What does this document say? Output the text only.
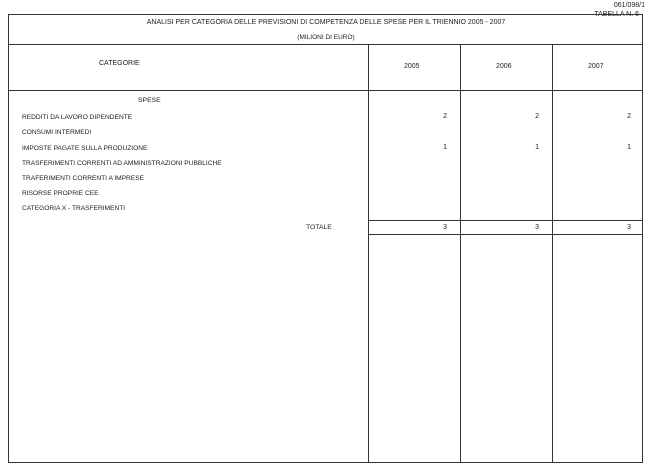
061/098/1
TABELLA N. 6
ANALISI PER CATEGORIA DELLE PREVISIONI DI COMPETENZA DELLE SPESE PER IL TRIENNIO 2005 - 2007
(MILIONI DI EURO)
CATEGORIE	2005	2006	2007
SPESE
REDDITI DA LAVORO DIPENDENTE	2	2	2
CONSUMI INTERMEDI
IMPOSTE PAGATE SULLA PRODUZIONE	1	1	1
TRASFERIMENTI CORRENTI AD AMMINISTRAZIONI PUBBLICHE
TRAFERIMENTI CORRENTI A IMPRESE
RISORSE PROPRIE CEE
CATEGORIA X - TRASFERIMENTI
TOTALE	3	3	3
